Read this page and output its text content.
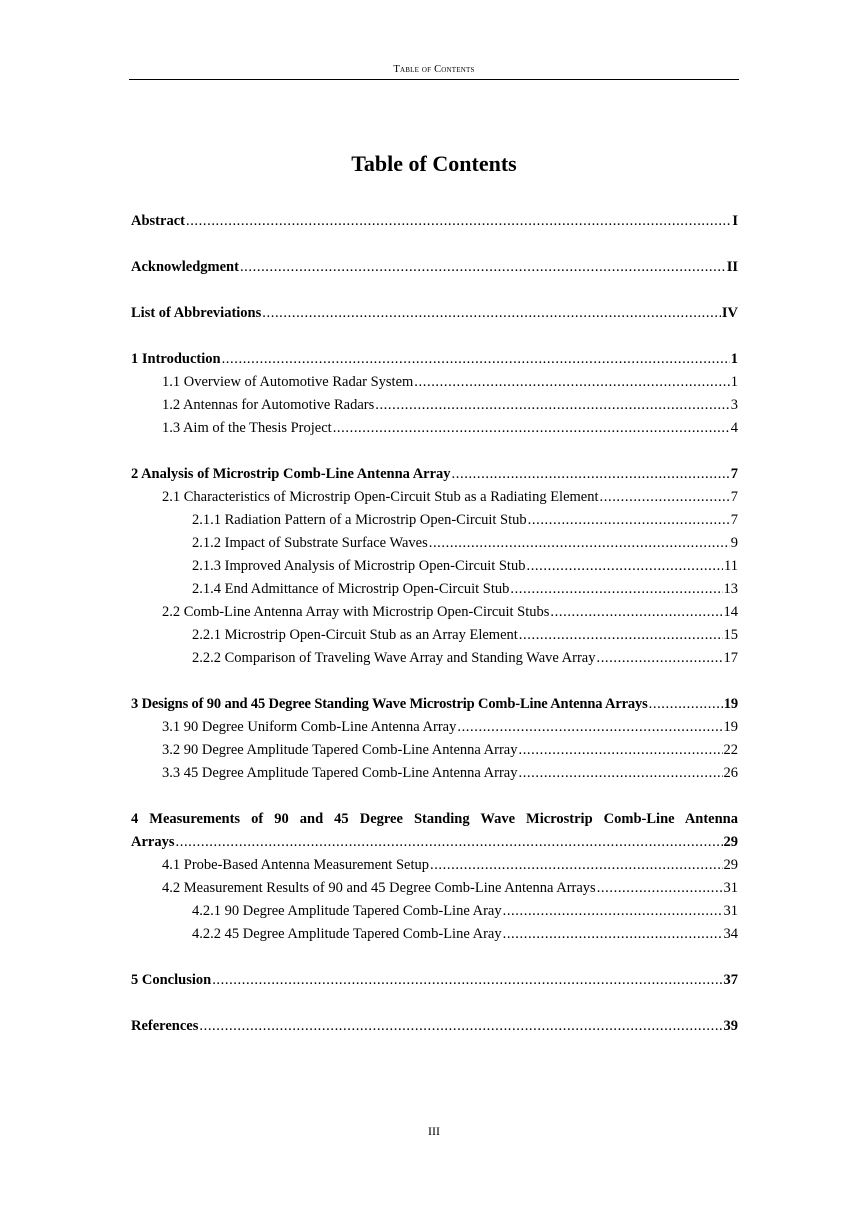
Table of Contents
Table of Contents
Abstract .....	I
Acknowledgment .....	II
List of Abbreviations .....	IV
1 Introduction .....	1
1.1 Overview of Automotive Radar System .....	1
1.2 Antennas for Automotive Radars .....	3
1.3 Aim of the Thesis Project .....	4
2 Analysis of Microstrip Comb-Line Antenna Array .....	7
2.1 Characteristics of Microstrip Open-Circuit Stub as a Radiating Element .....	7
2.1.1 Radiation Pattern of a Microstrip Open-Circuit Stub .....	7
2.1.2 Impact of Substrate Surface Waves .....	9
2.1.3 Improved Analysis of Microstrip Open-Circuit Stub .....	11
2.1.4 End Admittance of Microstrip Open-Circuit Stub .....	13
2.2 Comb-Line Antenna Array with Microstrip Open-Circuit Stubs .....	14
2.2.1 Microstrip Open-Circuit Stub as an Array Element .....	15
2.2.2 Comparison of Traveling Wave Array and Standing Wave Array .....	17
3 Designs of 90 and 45 Degree Standing Wave Microstrip Comb-Line Antenna Arrays .....	19
3.1 90 Degree Uniform Comb-Line Antenna Array .....	19
3.2 90 Degree Amplitude Tapered Comb-Line Antenna Array .....	22
3.3 45 Degree Amplitude Tapered Comb-Line Antenna Array .....	26
4 Measurements of 90 and 45 Degree Standing Wave Microstrip Comb-Line Antenna
Arrays .....	29
4.1 Probe-Based Antenna Measurement Setup .....	29
4.2 Measurement Results of 90 and 45 Degree Comb-Line Antenna Arrays .....	31
4.2.1 90 Degree Amplitude Tapered Comb-Line Aray .....	31
4.2.2 45 Degree Amplitude Tapered Comb-Line Aray .....	34
5 Conclusion .....	37
References .....	39
III
